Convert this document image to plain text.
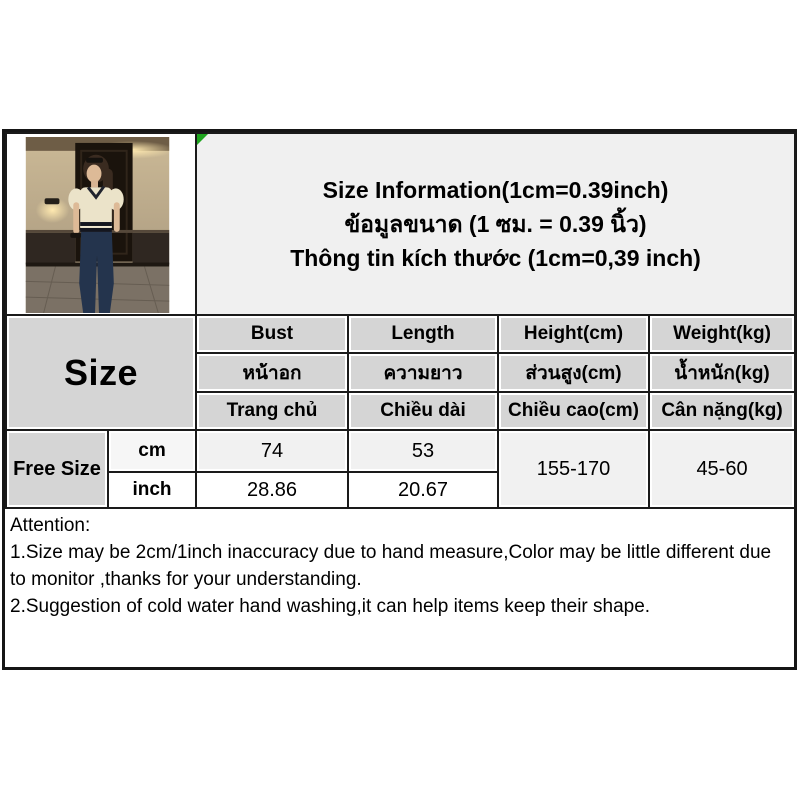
Size Information(1cm=0.39inch)
ข้อมูลขนาด (1 ซม. = 0.39 นิ้ว)
Thông tin kích thước (1cm=0,39 inch)			

Size		Bust	Length	Height(cm)	Weight(kg)
		หน้าอก	ความยาว	ส่วนสูง(cm)	น้ำหนัก(kg)
		Trang chủ	Chiều dài	Chiều cao(cm)	Cân nặng(kg)
Free Size	cm	74	53	155-170	45-60
	inch	28.86	20.67		
Attention:
1.Size may be 2cm/1inch inaccuracy due to hand measure,Color may be little different due to monitor ,thanks for your understanding.
2.Suggestion of cold water hand washing,it can help items keep their shape.
